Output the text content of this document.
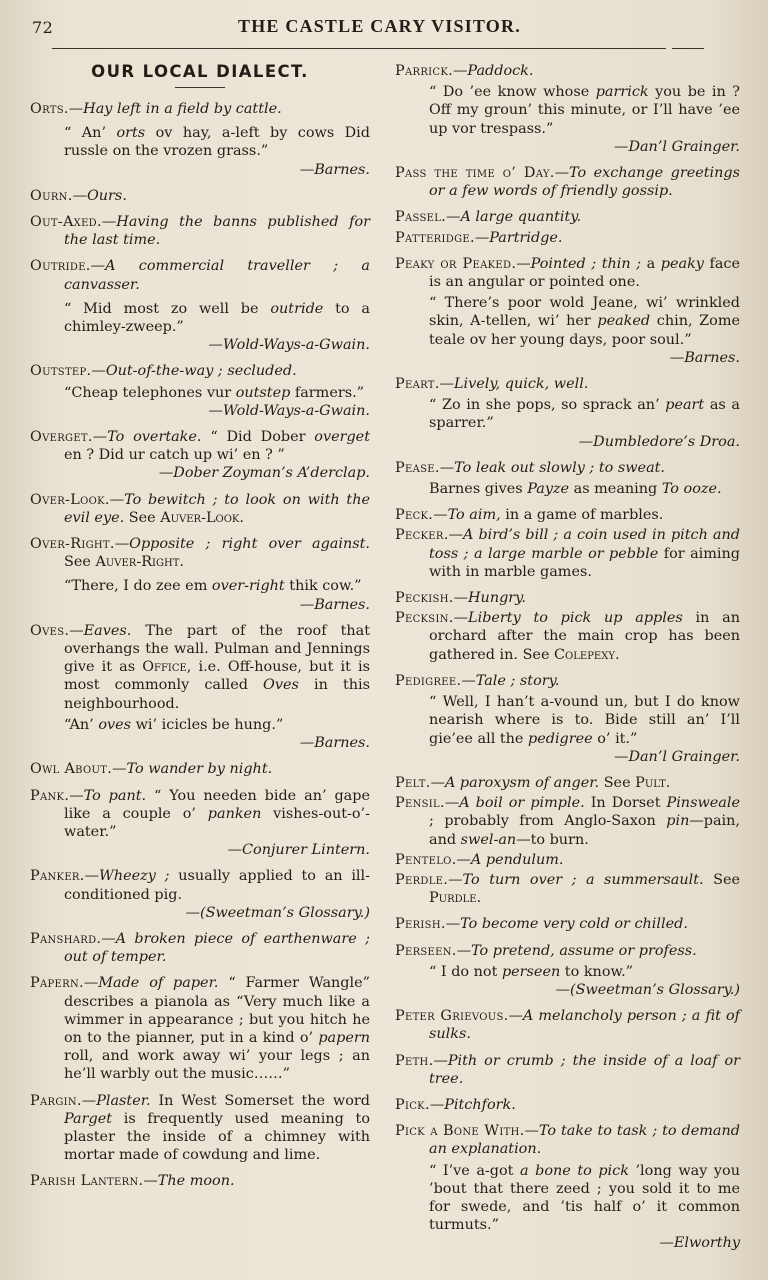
72	THE CASTLE CARY VISITOR.
OUR LOCAL DIALECT.
Orts.—Hay left in a field by cattle.
“ An’ orts ov hay, a-left by cows Did russle on the vrozen grass.”
—Barnes.
Ourn.—Ours.
Out-Axed.—Having the banns published for the last time.
Outride.—A commercial traveller ; a canvasser.
“ Mid most zo well be outride to a chimley-zweep.”
—Wold-Ways-a-Gwain.
Outstep.—Out-of-the-way ; secluded.
“Cheap telephones vur outstep farmers.”
—Wold-Ways-a-Gwain.
Overget.—To overtake. “ Did Dober overget en ? Did ur catch up wi’ en ? ”
—Dober Zoyman’s A’derclap.
Over-Look.—To bewitch ; to look on with the evil eye. See Auver-Look.
Over-Right.—Opposite ; right over against. See Auver-Right.
“There, I do zee em over-right thik cow.”
—Barnes.
Oves.—Eaves. The part of the roof that overhangs the wall. Pulman and Jennings give it as Office, i.e. Off-house, but it is most commonly called Oves in this neighbourhood.
“An’ oves wi’ icicles be hung.”
—Barnes.
Owl About.—To wander by night.
Pank.—To pant. “ You needen bide an’ gape like a couple o’ panken vishes-out-o’-water.”
—Conjurer Lintern.
Panker.—Wheezy ; usually applied to an ill-conditioned pig.
—(Sweetman’s Glossary.)
Panshard.—A broken piece of earthenware ; out of temper.
Papern.—Made of paper. “ Farmer Wangle” describes a pianola as “Very much like a wimmer in appearance ; but you hitch he on to the pianner, put in a kind o’ papern roll, and work away wi’ your legs ; an he’ll warbly out the music……”
Pargin.—Plaster. In West Somerset the word Parget is frequently used meaning to plaster the inside of a chimney with mortar made of cowdung and lime.
Parish Lantern.—The moon.
Parrick.—Paddock.
“ Do ’ee know whose parrick you be in ? Off my groun’ this minute, or I’ll have ’ee up vor trespass.”
—Dan’l Grainger.
Pass the time o’ Day.—To exchange greetings or a few words of friendly gossip.
Passel.—A large quantity.
Patteridge.—Partridge.
Peaky or Peaked.—Pointed ; thin ; a peaky face is an angular or pointed one.
“ There’s poor wold Jeane, wi’ wrinkled skin, A-tellen, wi’ her peaked chin, Zome teale ov her young days, poor soul.”
—Barnes.
Peart.—Lively, quick, well.
“ Zo in she pops, so sprack an’ peart as a sparrer.”
—Dumbledore’s Droa.
Pease.—To leak out slowly ; to sweat.
Barnes gives Payze as meaning To ooze.
Peck.—To aim, in a game of marbles.
Pecker.—A bird’s bill ; a coin used in pitch and toss ; a large marble or pebble for aiming with in marble games.
Peckish.—Hungry.
Pecksin.—Liberty to pick up apples in an orchard after the main crop has been gathered in. See Colepexy.
Pedigree.—Tale ; story.
“ Well, I han’t a-vound un, but I do know nearish where is to. Bide still an’ I’ll gie’ee all the pedigree o’ it.”
—Dan’l Grainger.
Pelt.—A paroxysm of anger. See Pult.
Pensil.—A boil or pimple. In Dorset Pinsweale ; probably from Anglo-Saxon pin—pain, and swel-an—to burn.
Pentelo.—A pendulum.
Perdle.—To turn over ; a summersault. See Purdle.
Perish.—To become very cold or chilled.
Perseen.—To pretend, assume or profess.
“ I do not perseen to know.”
—(Sweetman’s Glossary.)
Peter Grievous.—A melancholy person ; a fit of sulks.
Peth.—Pith or crumb ; the inside of a loaf or tree.
Pick.—Pitchfork.
Pick a Bone With.—To take to task ; to demand an explanation.
“ I’ve a-got a bone to pick ’long way you ’bout that there zeed ; you sold it to me for swede, and ’tis half o’ it common turmuts.”
—Elworthy
